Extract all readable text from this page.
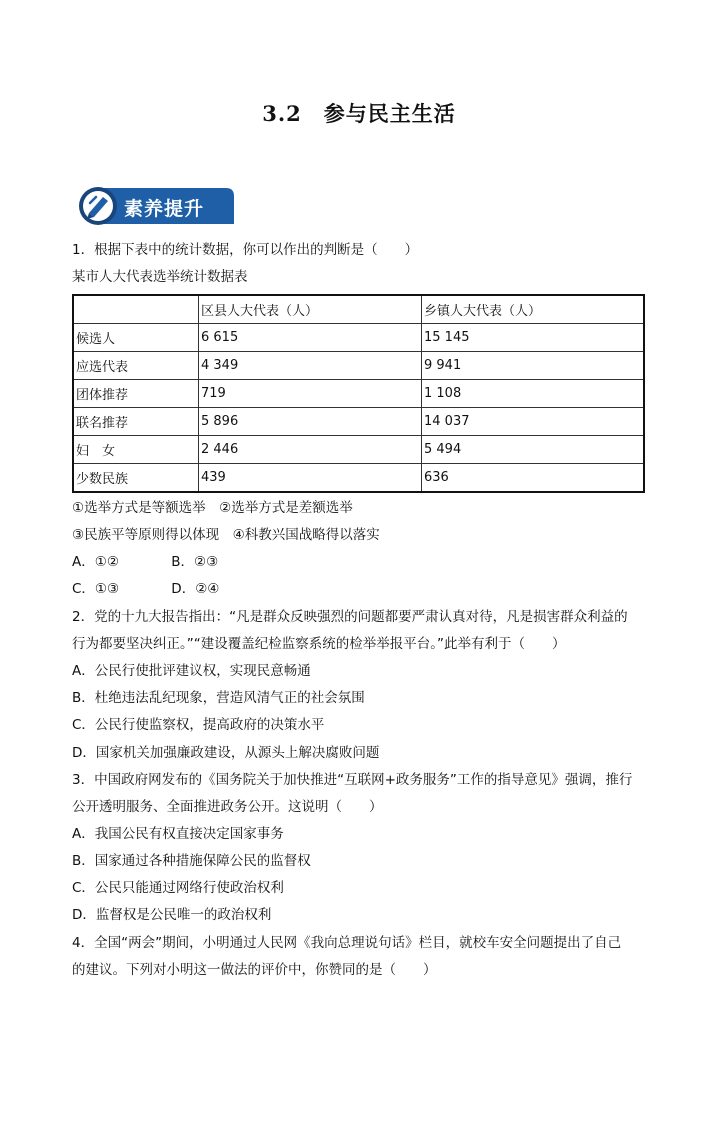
3.2　参与民主生活
素养提升
1．根据下表中的统计数据，你可以作出的判断是（　　）
某市人大代表选举统计数据表
	区县人大代表（人）	乡镇人大代表（人）
候选人	6 615	15 145
应选代表	4 349	9 941
团体推荐	719	1 108
联名推荐	5 896	14 037
妇　女	2 446	5 494
少数民族	439	636
①选举方式是等额选举　②选举方式是差额选举
③民族平等原则得以体现　④科教兴国战略得以落实
A．①②	B．②③
C．①③	D．②④
2．党的十九大报告指出：“凡是群众反映强烈的问题都要严肃认真对待，凡是损害群众利益的
行为都要坚决纠正。”“建设覆盖纪检监察系统的检举举报平台。”此举有利于（　　）
A．公民行使批评建议权，实现民意畅通
B．杜绝违法乱纪现象，营造风清气正的社会氛围
C．公民行使监察权，提高政府的决策水平
D．国家机关加强廉政建设，从源头上解决腐败问题
3．中国政府网发布的《国务院关于加快推进“互联网+政务服务”工作的指导意见》强调，推行
公开透明服务、全面推进政务公开。这说明（　　）
A．我国公民有权直接决定国家事务
B．国家通过各种措施保障公民的监督权
C．公民只能通过网络行使政治权利
D．监督权是公民唯一的政治权利
4．全国“两会”期间，小明通过人民网《我向总理说句话》栏目，就校车安全问题提出了自己
的建议。下列对小明这一做法的评价中，你赞同的是（　　）
